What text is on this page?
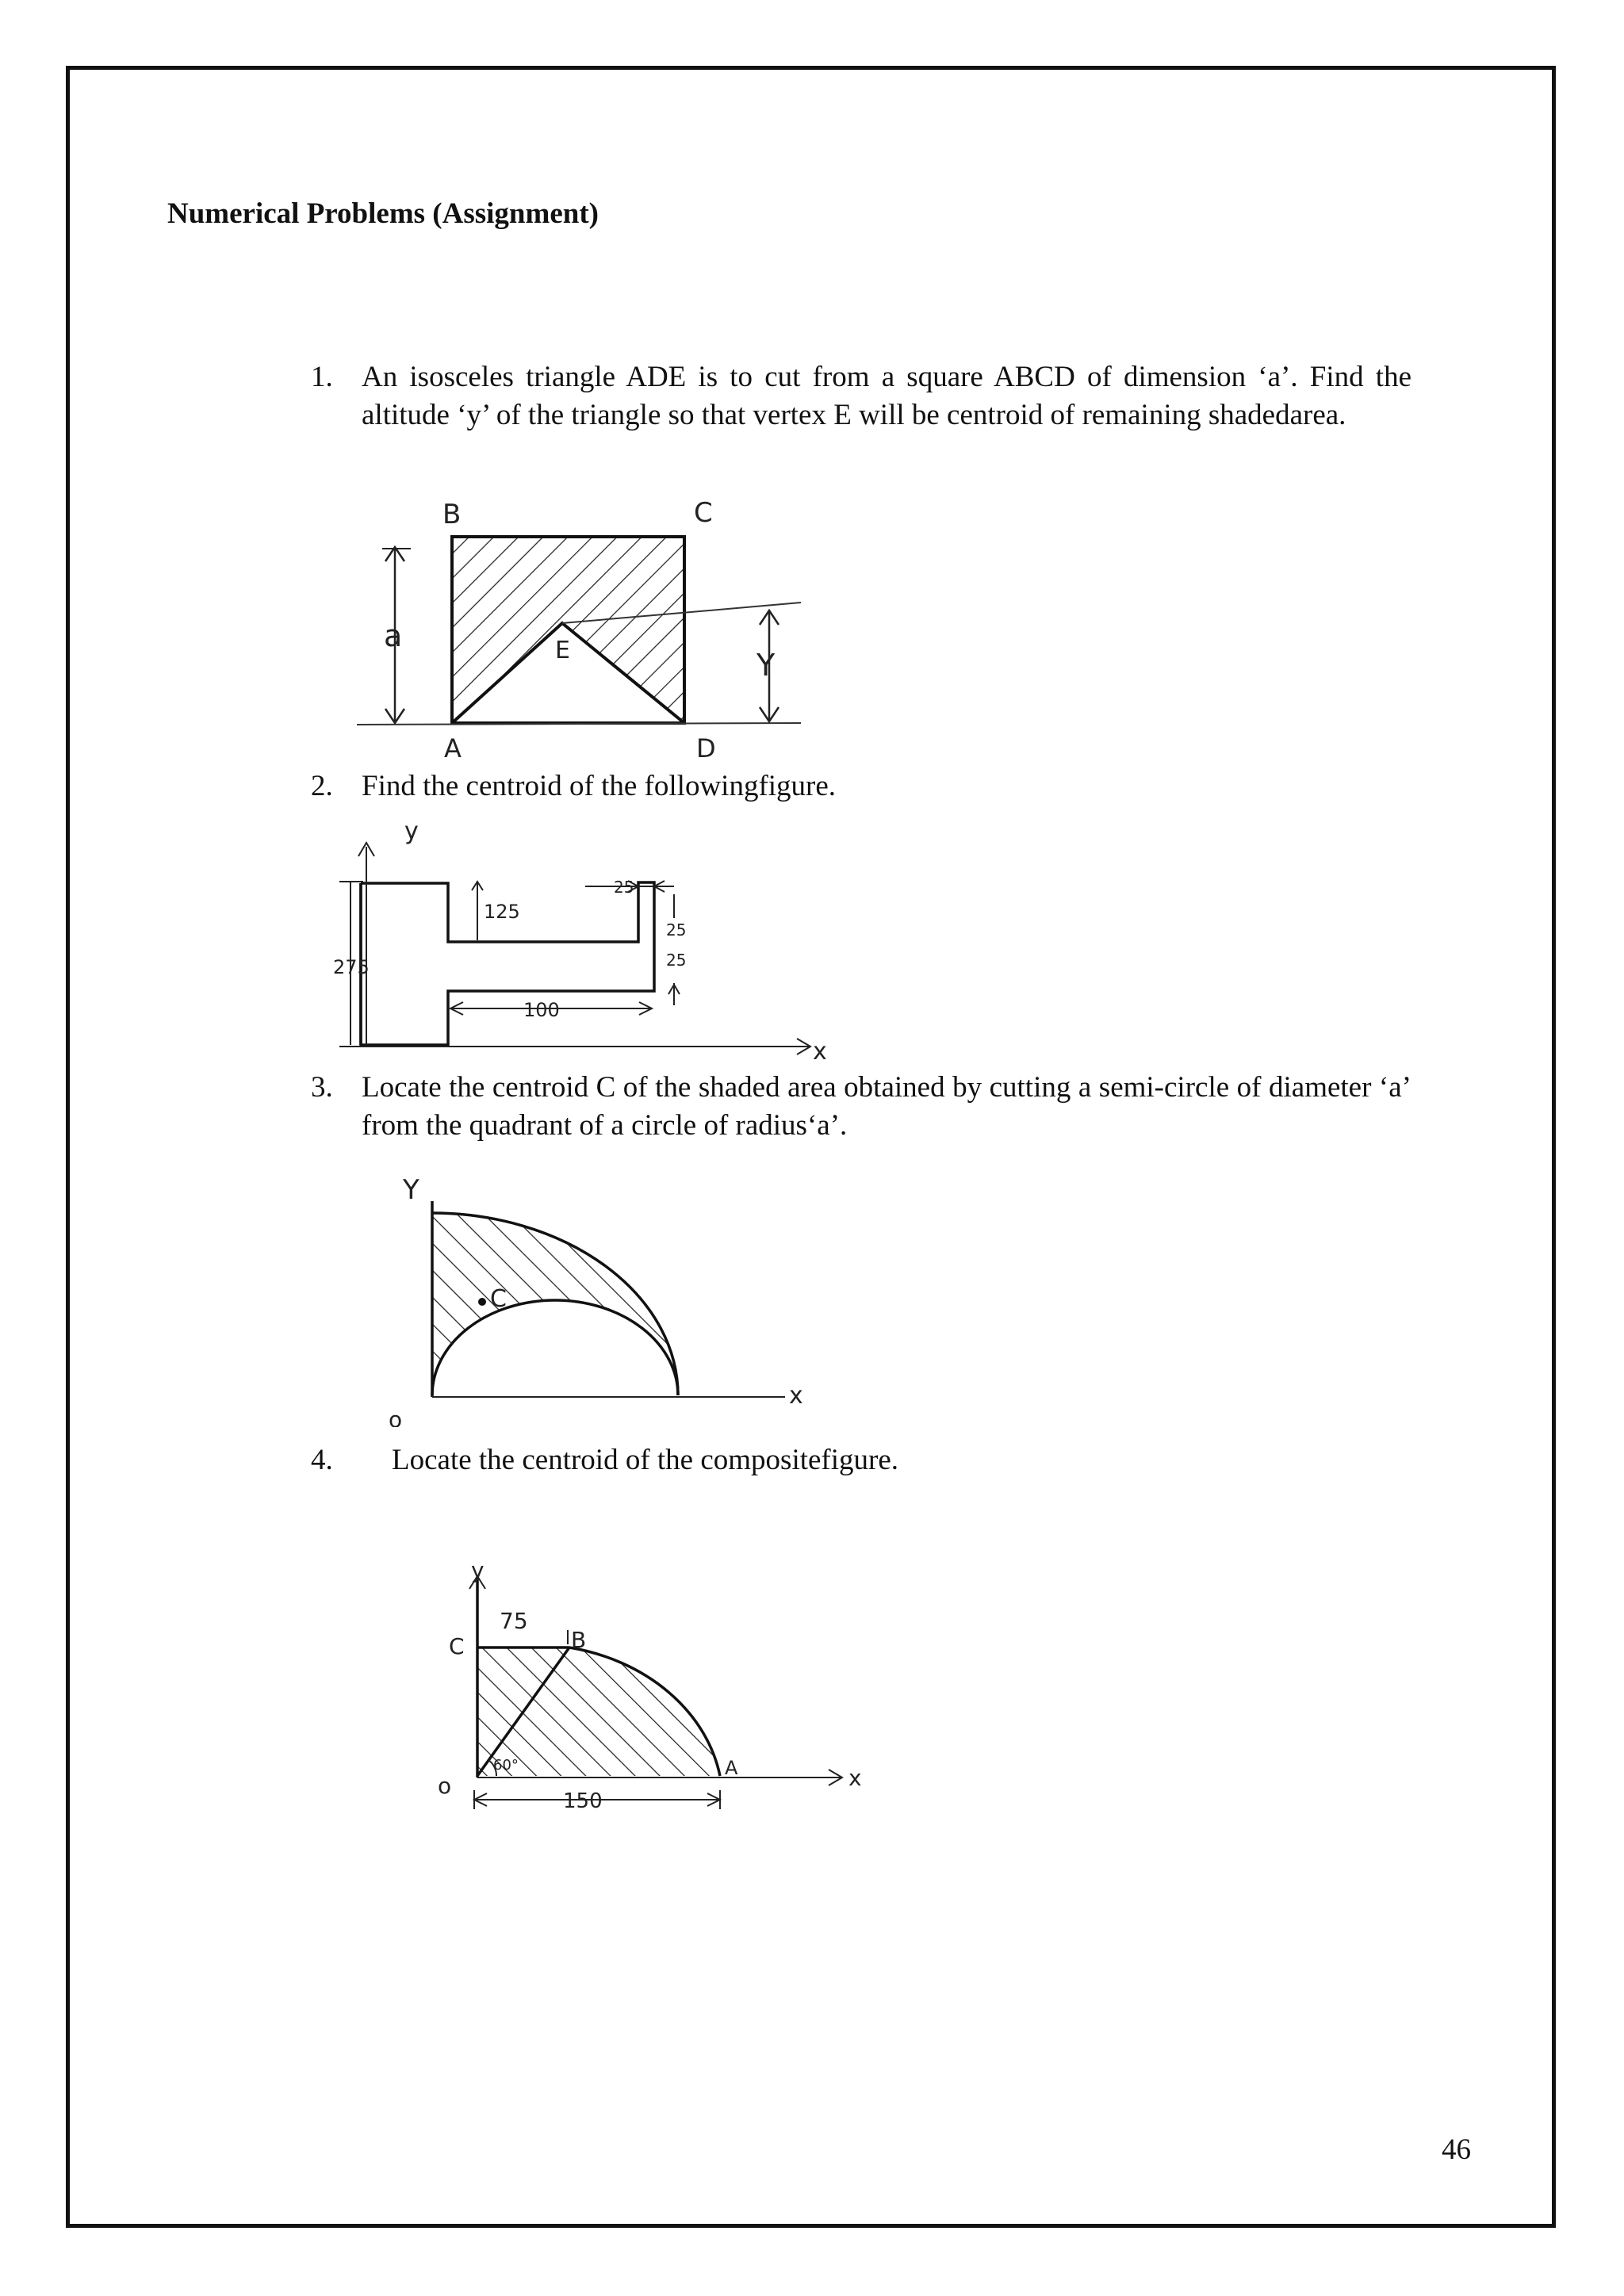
Numerical Problems (Assignment)
1. An isosceles triangle ADE is to cut from a square ABCD of dimension ‘a’. Find the altitude ‘y’ of the triangle so that vertex E will be centroid of remaining shadedarea.
B	C
a	E	Y
A	D
2. Find the centroid of the followingfigure.
y
x
275
125
25
25
25
100
3. Locate the centroid C of the shaded area obtained by cutting a semi-circle of diameter ‘a’ from the quadrant of a circle of radius‘a’.
Y
x
o
C
4. Locate the centroid of the compositefigure.
y
x
o
C	B
A
75
150
60°
46
